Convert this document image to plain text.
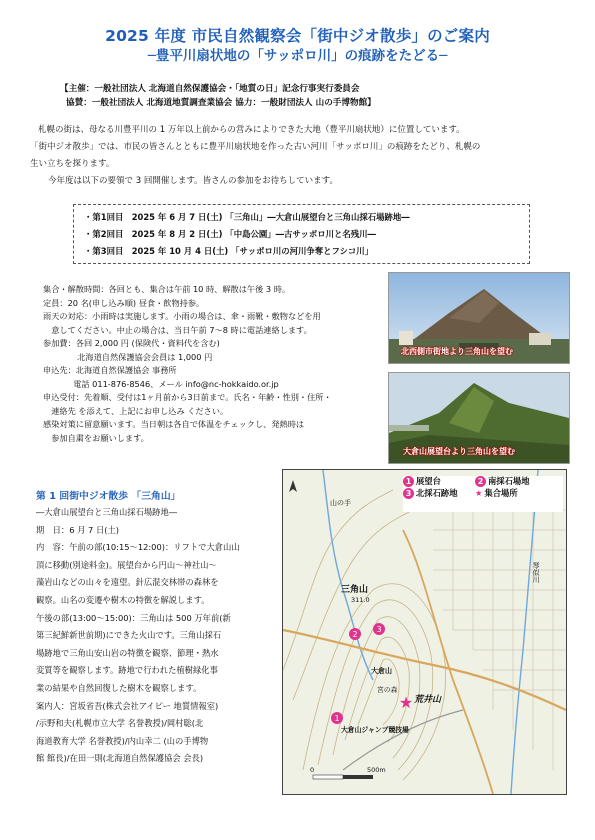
2025 年度 市民自然観察会「街中ジオ散歩」のご案内
─豊平川扇状地の「サッポロ川」の痕跡をたどる─
【主催：一般社団法人 北海道自然保護協会・「地質の日」記念行事実行委員会
協賛：一般社団法人 北海道地質調査業協会 協力：一般財団法人 山の手博物館】

札幌の街は、母なる川豊平川の 1 万年以上前からの営みによりできた大地（豊平川扇状地）に位置しています。

「街中ジオ散歩」では、市民の皆さんとともに豊平川扇状地を作った古い河川「サッポロ川」の痕跡をたどり、札幌の

生い立ちを探ります。

今年度は以下の要領で 3 回開催します。皆さんの参加をお待ちしています。

・第1回目　2025 年 6 月 7 日(土) 「三角山」―大倉山展望台と三角山採石場跡地―
・第2回目　2025 年 8 月 2 日(土) 「中島公園」―古サッポロ川と名残川―
・第3回目　2025 年 10 月 4 日(土) 「サッポロ川の河川争奪とフシコ川」
集合・解散時間：各回とも、集合は午前 10 時、解散は午後 3 時。
定員：20 名(申し込み順) 昼食・飲物持参。
雨天の対応：小雨時は実施します。小雨の場合は、傘・雨靴・敷物などを用
　意してください。中止の場合は、当日午前 7～8 時に電話連絡します。
参加費：各回 2,000 円 (保険代・資料代を含む)
　北海道自然保護協会会員は 1,000 円
申込先：北海道自然保護協会 事務所
　電話 011-876-8546、メール info@nc-hokkaido.or.jp
申込受付：先着順、受付は1ヶ月前から3日前まで。氏名・年齢・性別・住所・
　連絡先 を添えて、上記にお申し込み ください。
感染対策に留意願います。当日朝は各自で体温をチェックし、発熱時は
　参加自粛をお願いします。
北西側市街地より三角山を望む
大倉山展望台より三角山を望む
第 1 回街中ジオ散歩 「三角山」
―大倉山展望台と三角山採石場跡地―
期　日：6 月 7 日(土)
内　容：午前の部(10:15～12:00)：リフトで大倉山山
頂に移動(別途料金)。展望台から円山～神社山～
藻岩山などの山々を遠望。針広混交林帯の森林を
観察。山名の変遷や樹木の特徴を解説します。
午後の部(13:00～15:00)：三角山は 500 万年前(新
第三紀鮮新世前期)にできた火山です。三角山採石
場跡地で三角山安山岩の特徴を観察、節理・熱水
変質等を観察します。跡地で行われた植樹緑化事
業の結果や自然回復した樹木を観察します。
案内人：宮坂省吾(株式会社アイピー 地質情報室)
/示野和夫(札幌市立大学 名誉教授)/岡村聡(北
海道教育大学 名誉教授)/内山幸二 (山の手博物
館 館長)/在田一則(北海道自然保護協会 会長)
1
2
3
★
1 展望台	2 南採石場地
3 北採石跡地	★ 集合場所
三角山
311.0
荒井山
大倉山
大倉山ジャンプ競技場
宮の森
山の手
琴似川
0	500m
